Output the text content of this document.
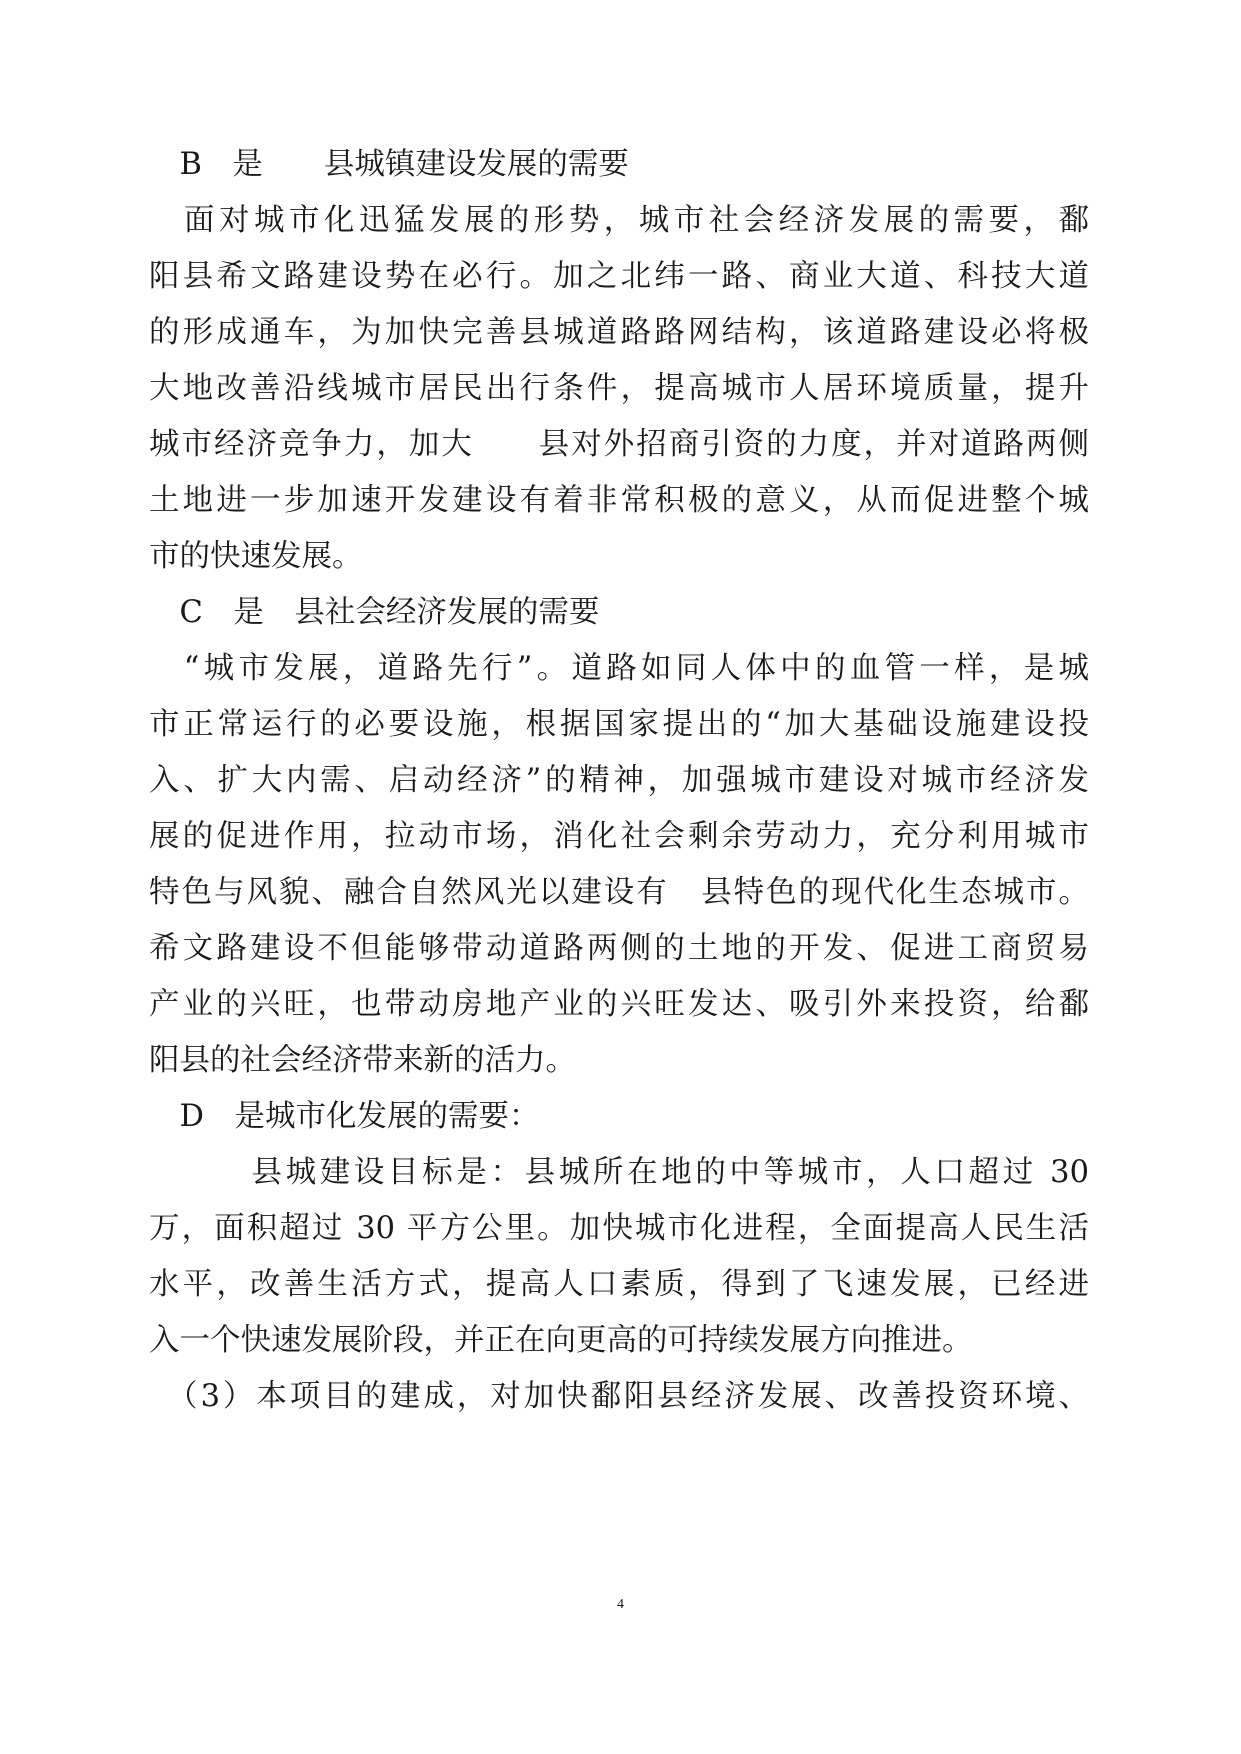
　B　是　　县城镇建设发展的需要
　面对城市化迅猛发展的形势，城市社会经济发展的需要，鄱
阳县希文路建设势在必行。加之北纬一路、商业大道、科技大道
的形成通车，为加快完善县城道路路网结构，该道路建设必将极
大地改善沿线城市居民出行条件，提高城市人居环境质量，提升
城市经济竞争力，加大　　县对外招商引资的力度，并对道路两侧
土地进一步加速开发建设有着非常积极的意义，从而促进整个城
市的快速发展。
　C　是　县社会经济发展的需要
　“城市发展，道路先行”。道路如同人体中的血管一样，是城
市正常运行的必要设施，根据国家提出的“加大基础设施建设投
入、扩大内需、启动经济”的精神，加强城市建设对城市经济发
展的促进作用，拉动市场，消化社会剩余劳动力，充分利用城市
特色与风貌、融合自然风光以建设有　县特色的现代化生态城市。
希文路建设不但能够带动道路两侧的土地的开发、促进工商贸易
产业的兴旺，也带动房地产业的兴旺发达、吸引外来投资，给鄱
阳县的社会经济带来新的活力。
　D　是城市化发展的需要：
　　　县城建设目标是：县城所在地的中等城市，人口超过 30
万，面积超过 30 平方公里。加快城市化进程，全面提高人民生活
水平，改善生活方式，提高人口素质，得到了飞速发展，已经进
入一个快速发展阶段，并正在向更高的可持续发展方向推进。
　（3）本项目的建成，对加快鄱阳县经济发展、改善投资环境、
4
